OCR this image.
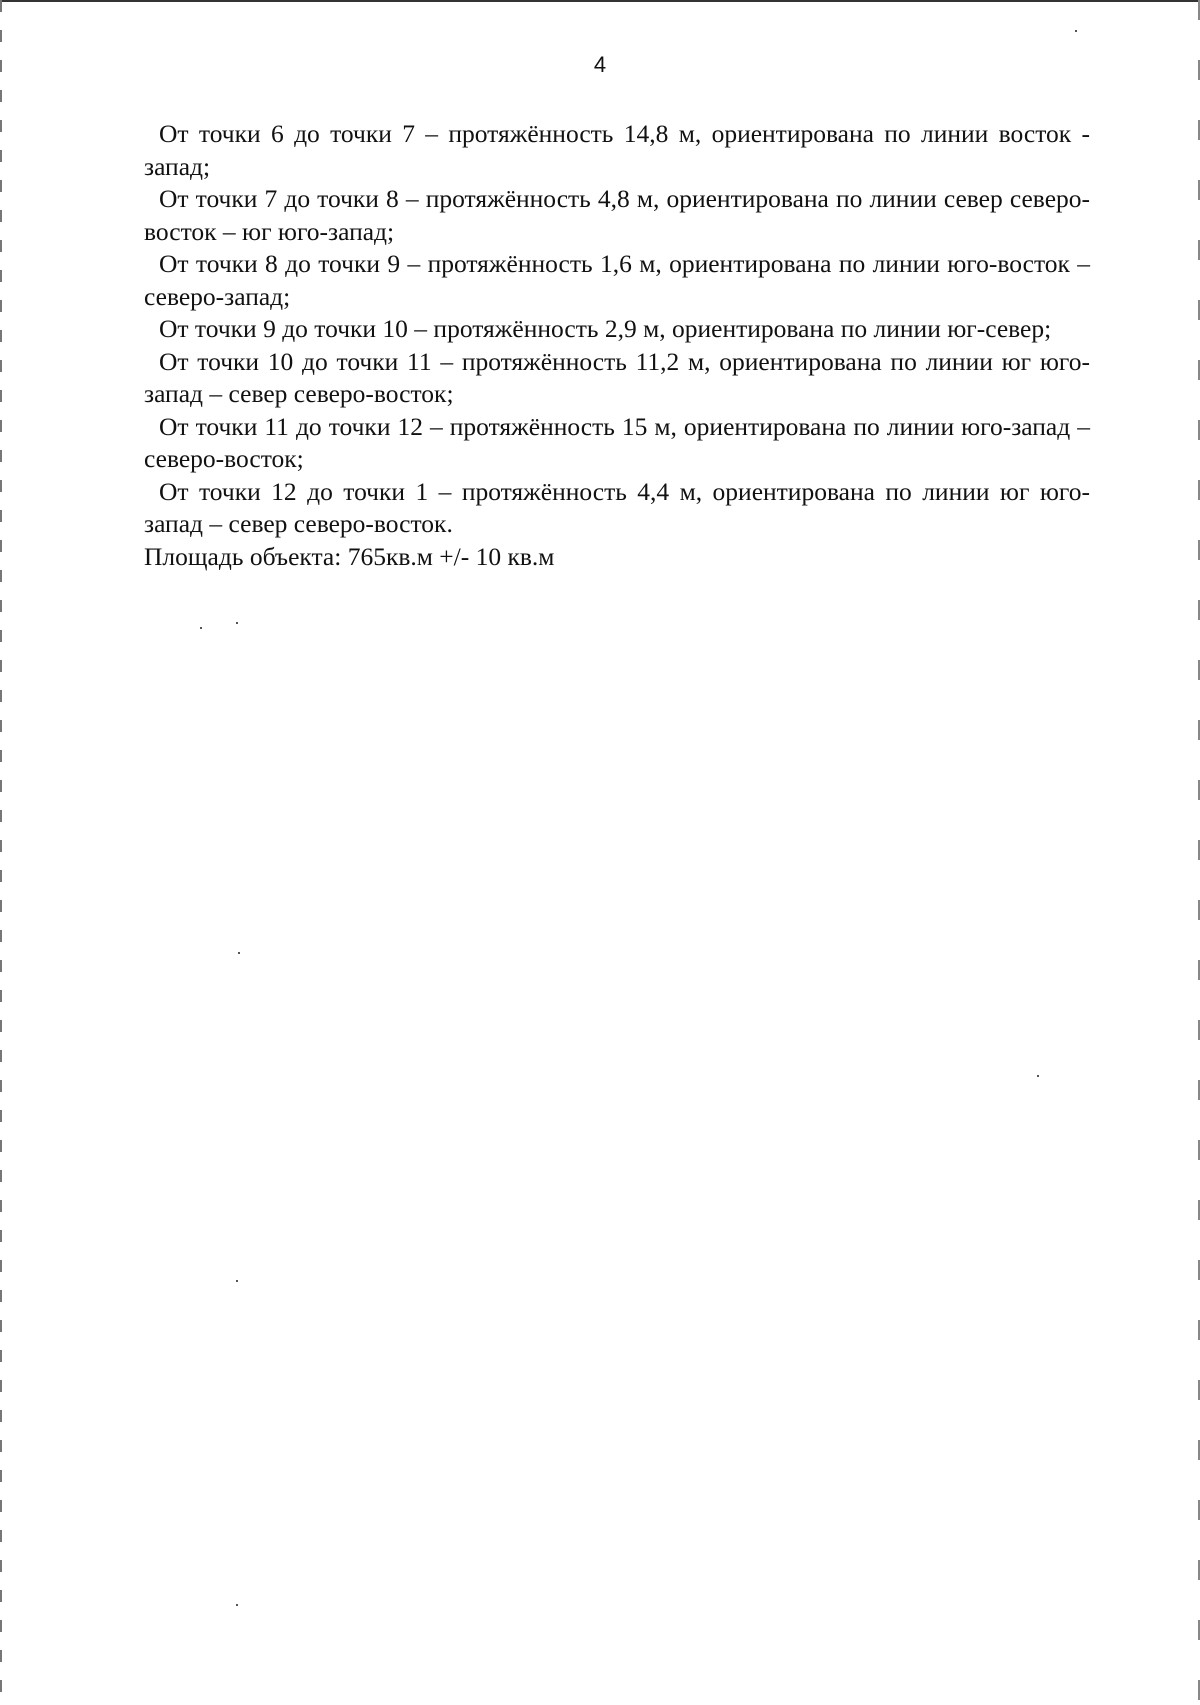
4

От точки 6 до точки 7 – протяжённость 14,8 м, ориентирована по линии восток - запад;

От точки 7 до точки 8 – протяжённость 4,8 м, ориентирована по линии север северо-восток – юг юго-запад;

От точки 8 до точки 9 – протяжённость 1,6 м, ориентирована по линии юго-восток – северо-запад;

От точки 9 до точки 10 – протяжённость 2,9 м, ориентирована по линии юг-север;

От точки 10 до точки 11 – протяжённость 11,2 м, ориентирована по линии юг юго-запад – север северо-восток;

От точки 11 до точки 12 – протяжённость 15 м, ориентирована по линии юго-запад – северо-восток;

От точки 12 до точки 1 – протяжённость 4,4 м, ориентирована по линии юг юго-запад – север северо-восток.

Площадь объекта: 765кв.м +/- 10 кв.м
